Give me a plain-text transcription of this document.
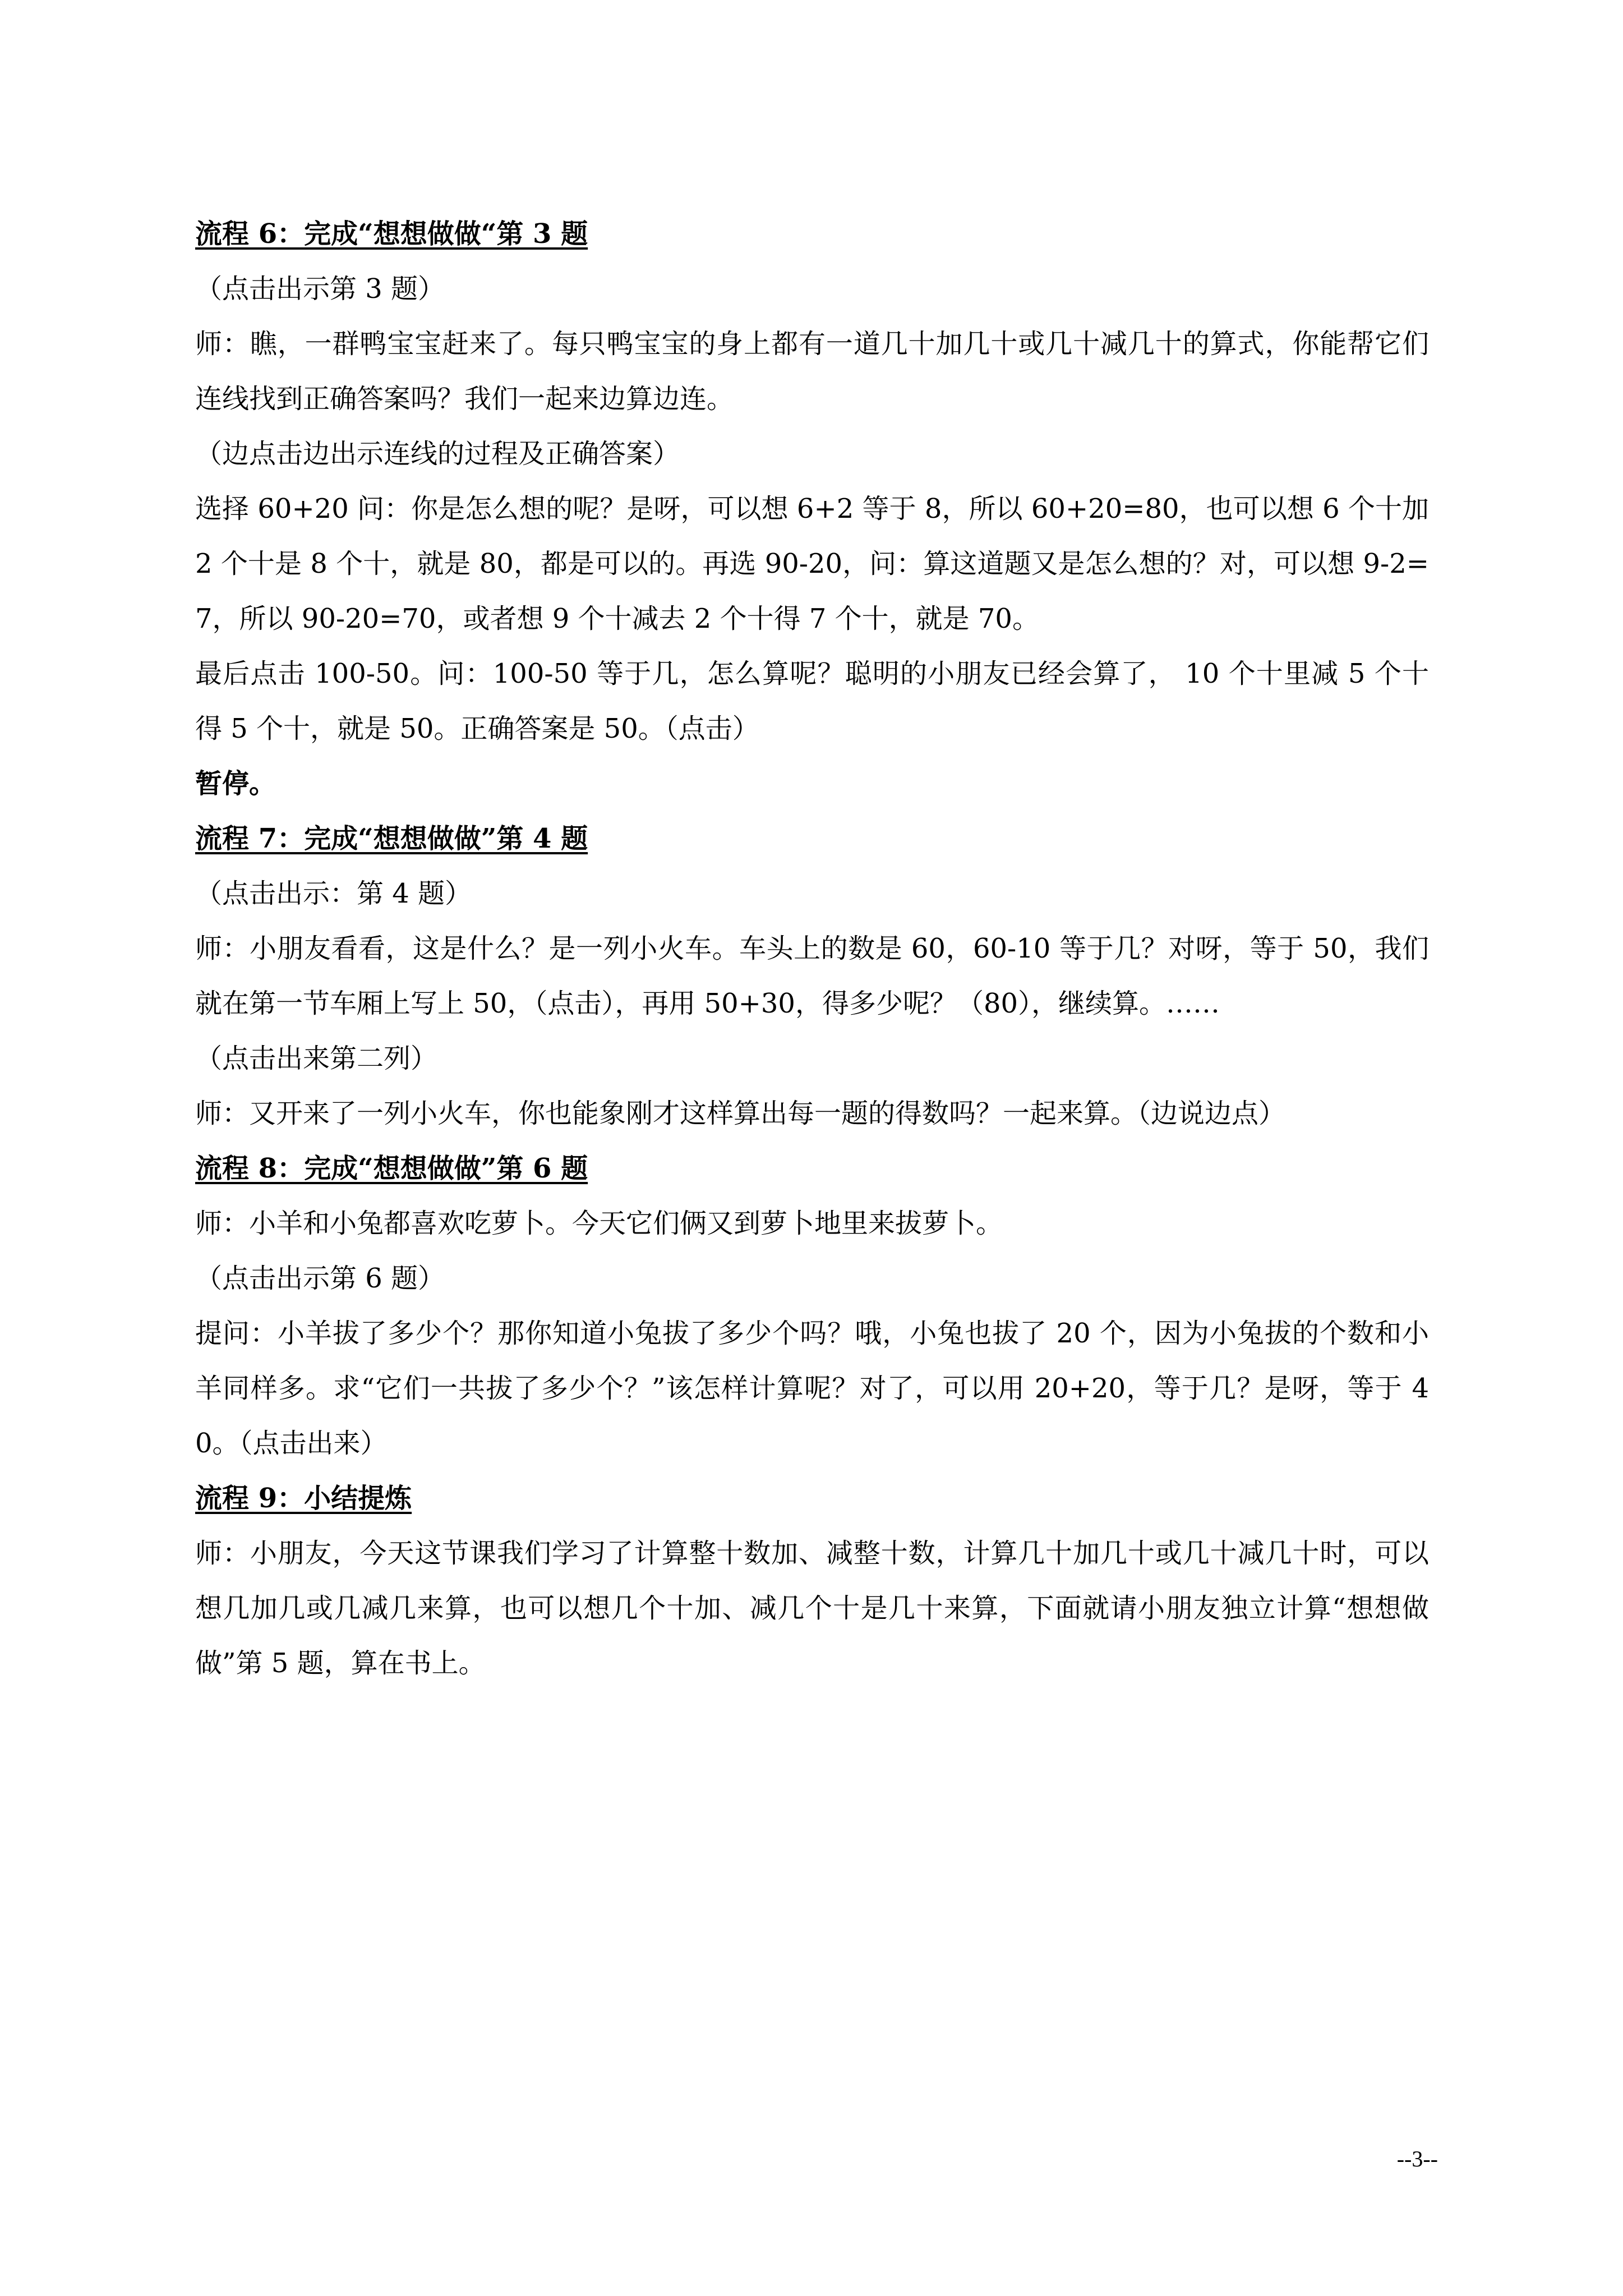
流程 6：完成“想想做做“第 3 题

（点击出示第 3 题）

师：瞧，一群鸭宝宝赶来了。每只鸭宝宝的身上都有一道几十加几十或几十减几十的算式，你能帮它们连线找到正确答案吗？我们一起来边算边连。

（边点击边出示连线的过程及正确答案）

选择 60+20 问：你是怎么想的呢？是呀，可以想 6+2 等于 8，所以 60+20=80，也可以想 6 个十加 2 个十是 8 个十，就是 80，都是可以的。再选 90-20，问：算这道题又是怎么想的？对，可以想 9-2=7，所以 90-20=70，或者想 9 个十减去 2 个十得 7 个十，就是 70。

最后点击 100-50。问：100-50 等于几，怎么算呢？聪明的小朋友已经会算了， 10 个十里减 5 个十得 5 个十，就是 50。正确答案是 50。（点击）

暂停。

流程 7：完成“想想做做”第 4 题

（点击出示：第 4 题）

师：小朋友看看，这是什么？是一列小火车。车头上的数是 60，60-10 等于几？对呀，等于 50，我们就在第一节车厢上写上 50，（点击），再用 50+30，得多少呢？（80），继续算。……

（点击出来第二列）

师：又开来了一列小火车，你也能象刚才这样算出每一题的得数吗？一起来算。（边说边点）

流程 8：完成“想想做做”第 6 题

师：小羊和小兔都喜欢吃萝卜。今天它们俩又到萝卜地里来拔萝卜。

（点击出示第 6 题）

提问：小羊拔了多少个？那你知道小兔拔了多少个吗？哦，小兔也拔了 20 个，因为小兔拔的个数和小羊同样多。求“它们一共拔了多少个？”该怎样计算呢？对了，可以用 20+20，等于几？是呀，等于 40。（点击出来）

流程 9：小结提炼

师：小朋友，今天这节课我们学习了计算整十数加、减整十数，计算几十加几十或几十减几十时，可以想几加几或几减几来算，也可以想几个十加、减几个十是几十来算，下面就请小朋友独立计算“想想做做”第 5 题，算在书上。

--3--
